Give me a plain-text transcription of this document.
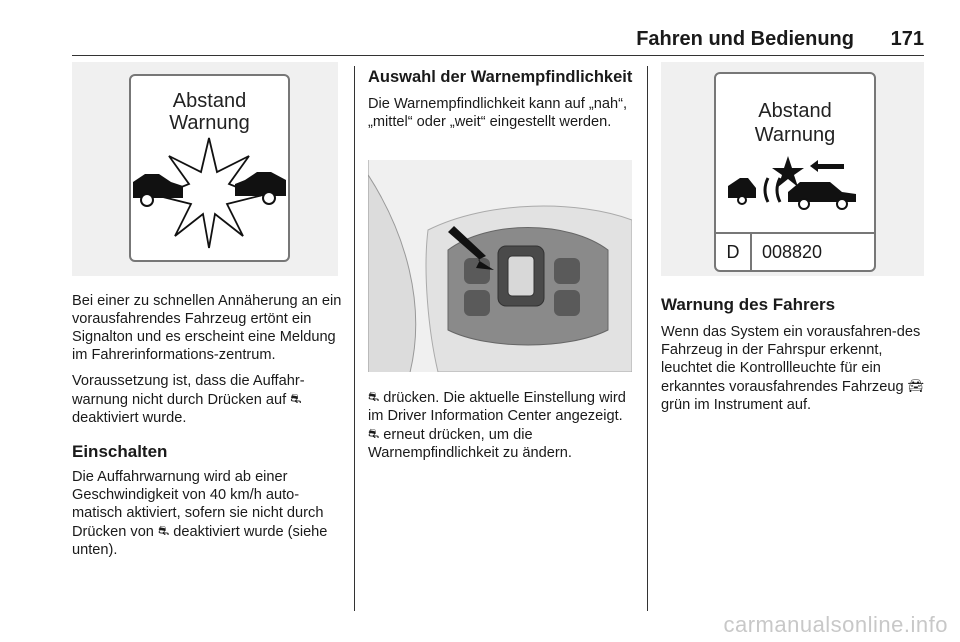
Fahren und Bedienung 171
Abstand
Warnung

Bei einer zu schnellen Annäherung an ein vorausfahrendes Fahrzeug ertönt ein Signalton und es erscheint eine Meldung im Fahrerinformations-zentrum.

Voraussetzung ist, dass die Auffahr-warnung nicht durch Drücken auf ⛐
deaktiviert wurde.

Einschalten

Die Auffahrwarnung wird ab einer Geschwindigkeit von 40 km/h auto-matisch aktiviert, sofern sie nicht durch Drücken von ⛐ deaktiviert wurde (siehe unten).

Auswahl der Warnempfindlichkeit

Die Warnempfindlichkeit kann auf „nah“, „mittel“ oder „weit“ eingestellt werden.

⛐ drücken. Die aktuelle Einstellung wird im Driver Information Center angezeigt. ⛐ erneut drücken, um die Warnempfindlichkeit zu ändern.

Abstand
Warnung
D	008820
Warnung des Fahrers

Wenn das System ein vorausfahren-des Fahrzeug in der Fahrspur erkennt, leuchtet die Kontrollleuchte für ein erkanntes vorausfahrendes Fahrzeug 🚘︎ grün im Instrument auf.

carmanualsonline.info
